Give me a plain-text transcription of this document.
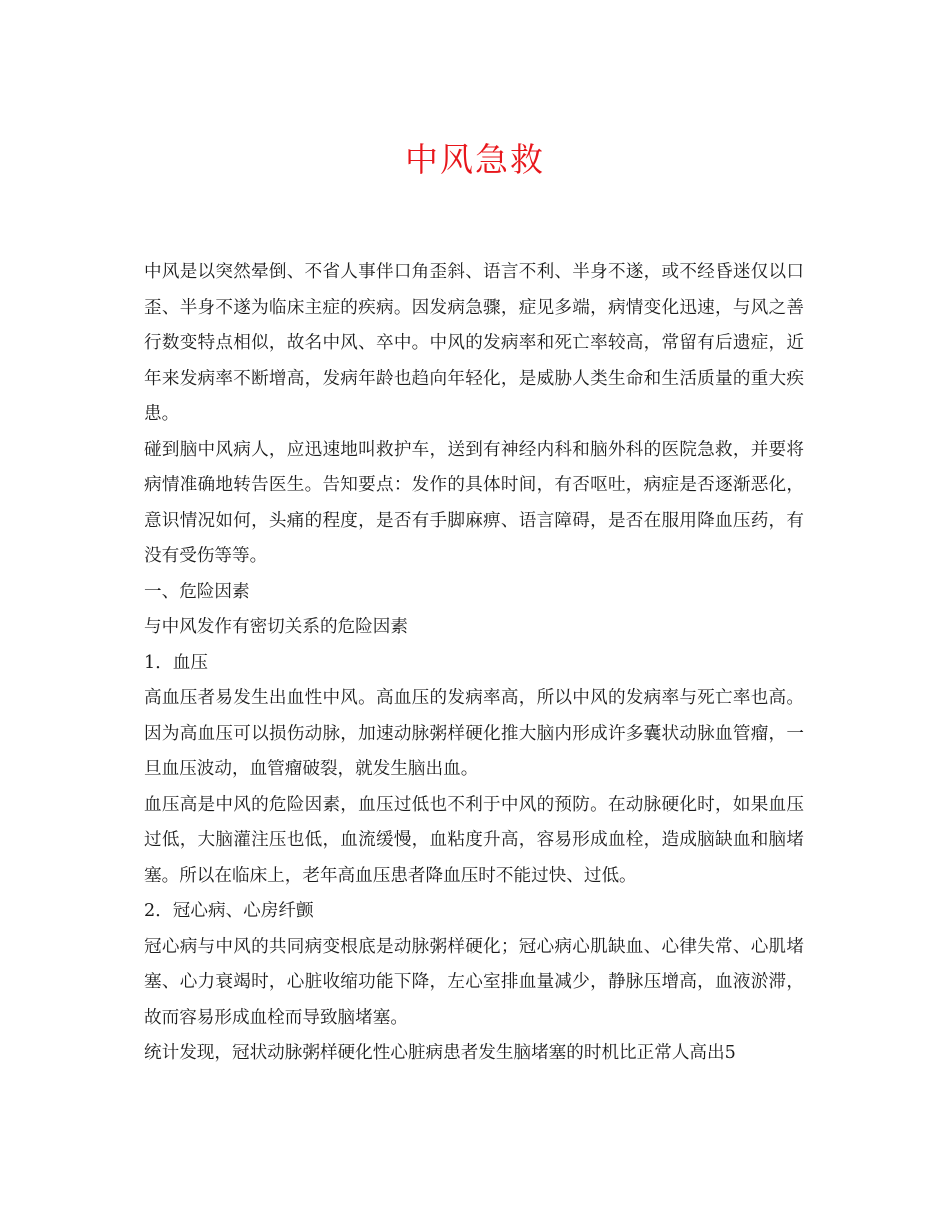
中风急救

中风是以突然晕倒、不省人事伴口角歪斜、语言不利、半身不遂，或不经昏迷仅以口歪、半身不遂为临床主症的疾病。因发病急骤，症见多端，病情变化迅速，与风之善行数变特点相似，故名中风、卒中。中风的发病率和死亡率较高，常留有后遗症，近年来发病率不断增高，发病年龄也趋向年轻化，是威胁人类生命和生活质量的重大疾患。

碰到脑中风病人，应迅速地叫救护车，送到有神经内科和脑外科的医院急救，并要将病情准确地转告医生。告知要点：发作的具体时间，有否呕吐，病症是否逐渐恶化，意识情况如何，头痛的程度，是否有手脚麻痹、语言障碍，是否在服用降血压药，有没有受伤等等。

一、危险因素

与中风发作有密切关系的危险因素

1．血压

高血压者易发生出血性中风。高血压的发病率高，所以中风的发病率与死亡率也高。因为高血压可以损伤动脉，加速动脉粥样硬化推大脑内形成许多囊状动脉血管瘤，一旦血压波动，血管瘤破裂，就发生脑出血。

血压高是中风的危险因素，血压过低也不利于中风的预防。在动脉硬化时，如果血压过低，大脑灌注压也低，血流缓慢，血粘度升高，容易形成血栓，造成脑缺血和脑堵塞。所以在临床上，老年高血压患者降血压时不能过快、过低。

2．冠心病、心房纤颤

冠心病与中风的共同病变根底是动脉粥样硬化；冠心病心肌缺血、心律失常、心肌堵塞、心力衰竭时，心脏收缩功能下降，左心室排血量减少，静脉压增高，血液淤滞，故而容易形成血栓而导致脑堵塞。

统计发现，冠状动脉粥样硬化性心脏病患者发生脑堵塞的时机比正常人高出5
